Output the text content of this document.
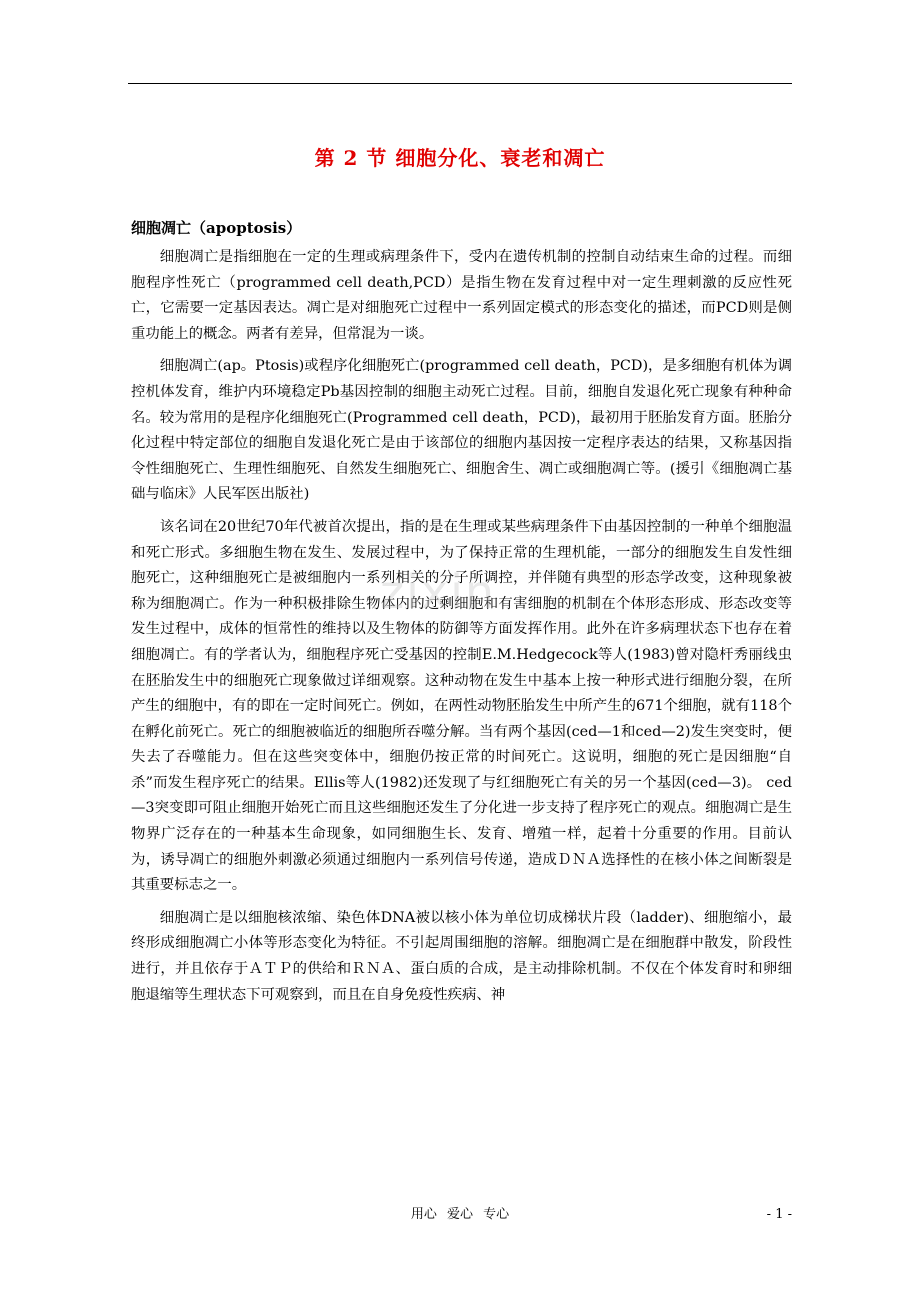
第 2 节 细胞分化、衰老和凋亡
细胞凋亡（apoptosis）

细胞凋亡是指细胞在一定的生理或病理条件下，受内在遗传机制的控制自动结束生命的过程。而细胞程序性死亡（programmed cell death,PCD）是指生物在发育过程中对一定生理刺激的反应性死亡，它需要一定基因表达。凋亡是对细胞死亡过程中一系列固定模式的形态变化的描述，而PCD则是侧重功能上的概念。两者有差异，但常混为一谈。

细胞凋亡(ap。Ptosis)或程序化细胞死亡(programmed cell death，PCD)，是多细胞有机体为调控机体发育，维护内环境稳定Pb基因控制的细胞主动死亡过程。目前，细胞自发退化死亡现象有种种命名。较为常用的是程序化细胞死亡(Programmed cell death，PCD)，最初用于胚胎发育方面。胚胎分化过程中特定部位的细胞自发退化死亡是由于该部位的细胞内基因按一定程序表达的结果，又称基因指令性细胞死亡、生理性细胞死、自然发生细胞死亡、细胞舍生、凋亡或细胞凋亡等。(援引《细胞凋亡基础与临床》人民军医出版社)

该名词在20世纪70年代被首次提出，指的是在生理或某些病理条件下由基因控制的一种单个细胞温和死亡形式。多细胞生物在发生、发展过程中，为了保持正常的生理机能，一部分的细胞发生自发性细胞死亡，这种细胞死亡是被细胞内一系列相关的分子所调控，并伴随有典型的形态学改变，这种现象被称为细胞凋亡。作为一种积极排除生物体内的过剩细胞和有害细胞的机制在个体形态形成、形态改变等发生过程中，成体的恒常性的维持以及生物体的防御等方面发挥作用。此外在许多病理状态下也存在着细胞凋亡。有的学者认为，细胞程序死亡受基因的控制E.M.Hedgecock等人(1983)曾对隐杆秀丽线虫在胚胎发生中的细胞死亡现象做过详细观察。这种动物在发生中基本上按一种形式进行细胞分裂，在所产生的细胞中，有的即在一定时间死亡。例如，在两性动物胚胎发生中所产生的671个细胞，就有118个在孵化前死亡。死亡的细胞被临近的细胞所吞噬分解。当有两个基因(ced—1和ced—2)发生突变时，便失去了吞噬能力。但在这些突变体中，细胞仍按正常的时间死亡。这说明，细胞的死亡是因细胞“自杀”而发生程序死亡的结果。Ellis等人(1982)还发现了与红细胞死亡有关的另一个基因(ced—3)。 ced—3突变即可阻止细胞开始死亡而且这些细胞还发生了分化进一步支持了程序死亡的观点。细胞凋亡是生物界广泛存在的一种基本生命现象，如同细胞生长、发育、增殖一样，起着十分重要的作用。目前认为，诱导凋亡的细胞外刺激必须通过细胞内一系列信号传递，造成ＤＮＡ选择性的在核小体之间断裂是其重要标志之一。

细胞凋亡是以细胞核浓缩、染色体DNA被以核小体为单位切成梯状片段（ladder)、细胞缩小，最终形成细胞凋亡小体等形态变化为特征。不引起周围细胞的溶解。细胞凋亡是在细胞群中散发，阶段性进行，并且依存于ＡＴＰ的供给和ＲＮＡ、蛋白质的合成，是主动排除机制。不仅在个体发育时和卵细胞退缩等生理状态下可观察到，而且在自身免疫性疾病、神

zixin
用心 爱心 专心	- 1 -
